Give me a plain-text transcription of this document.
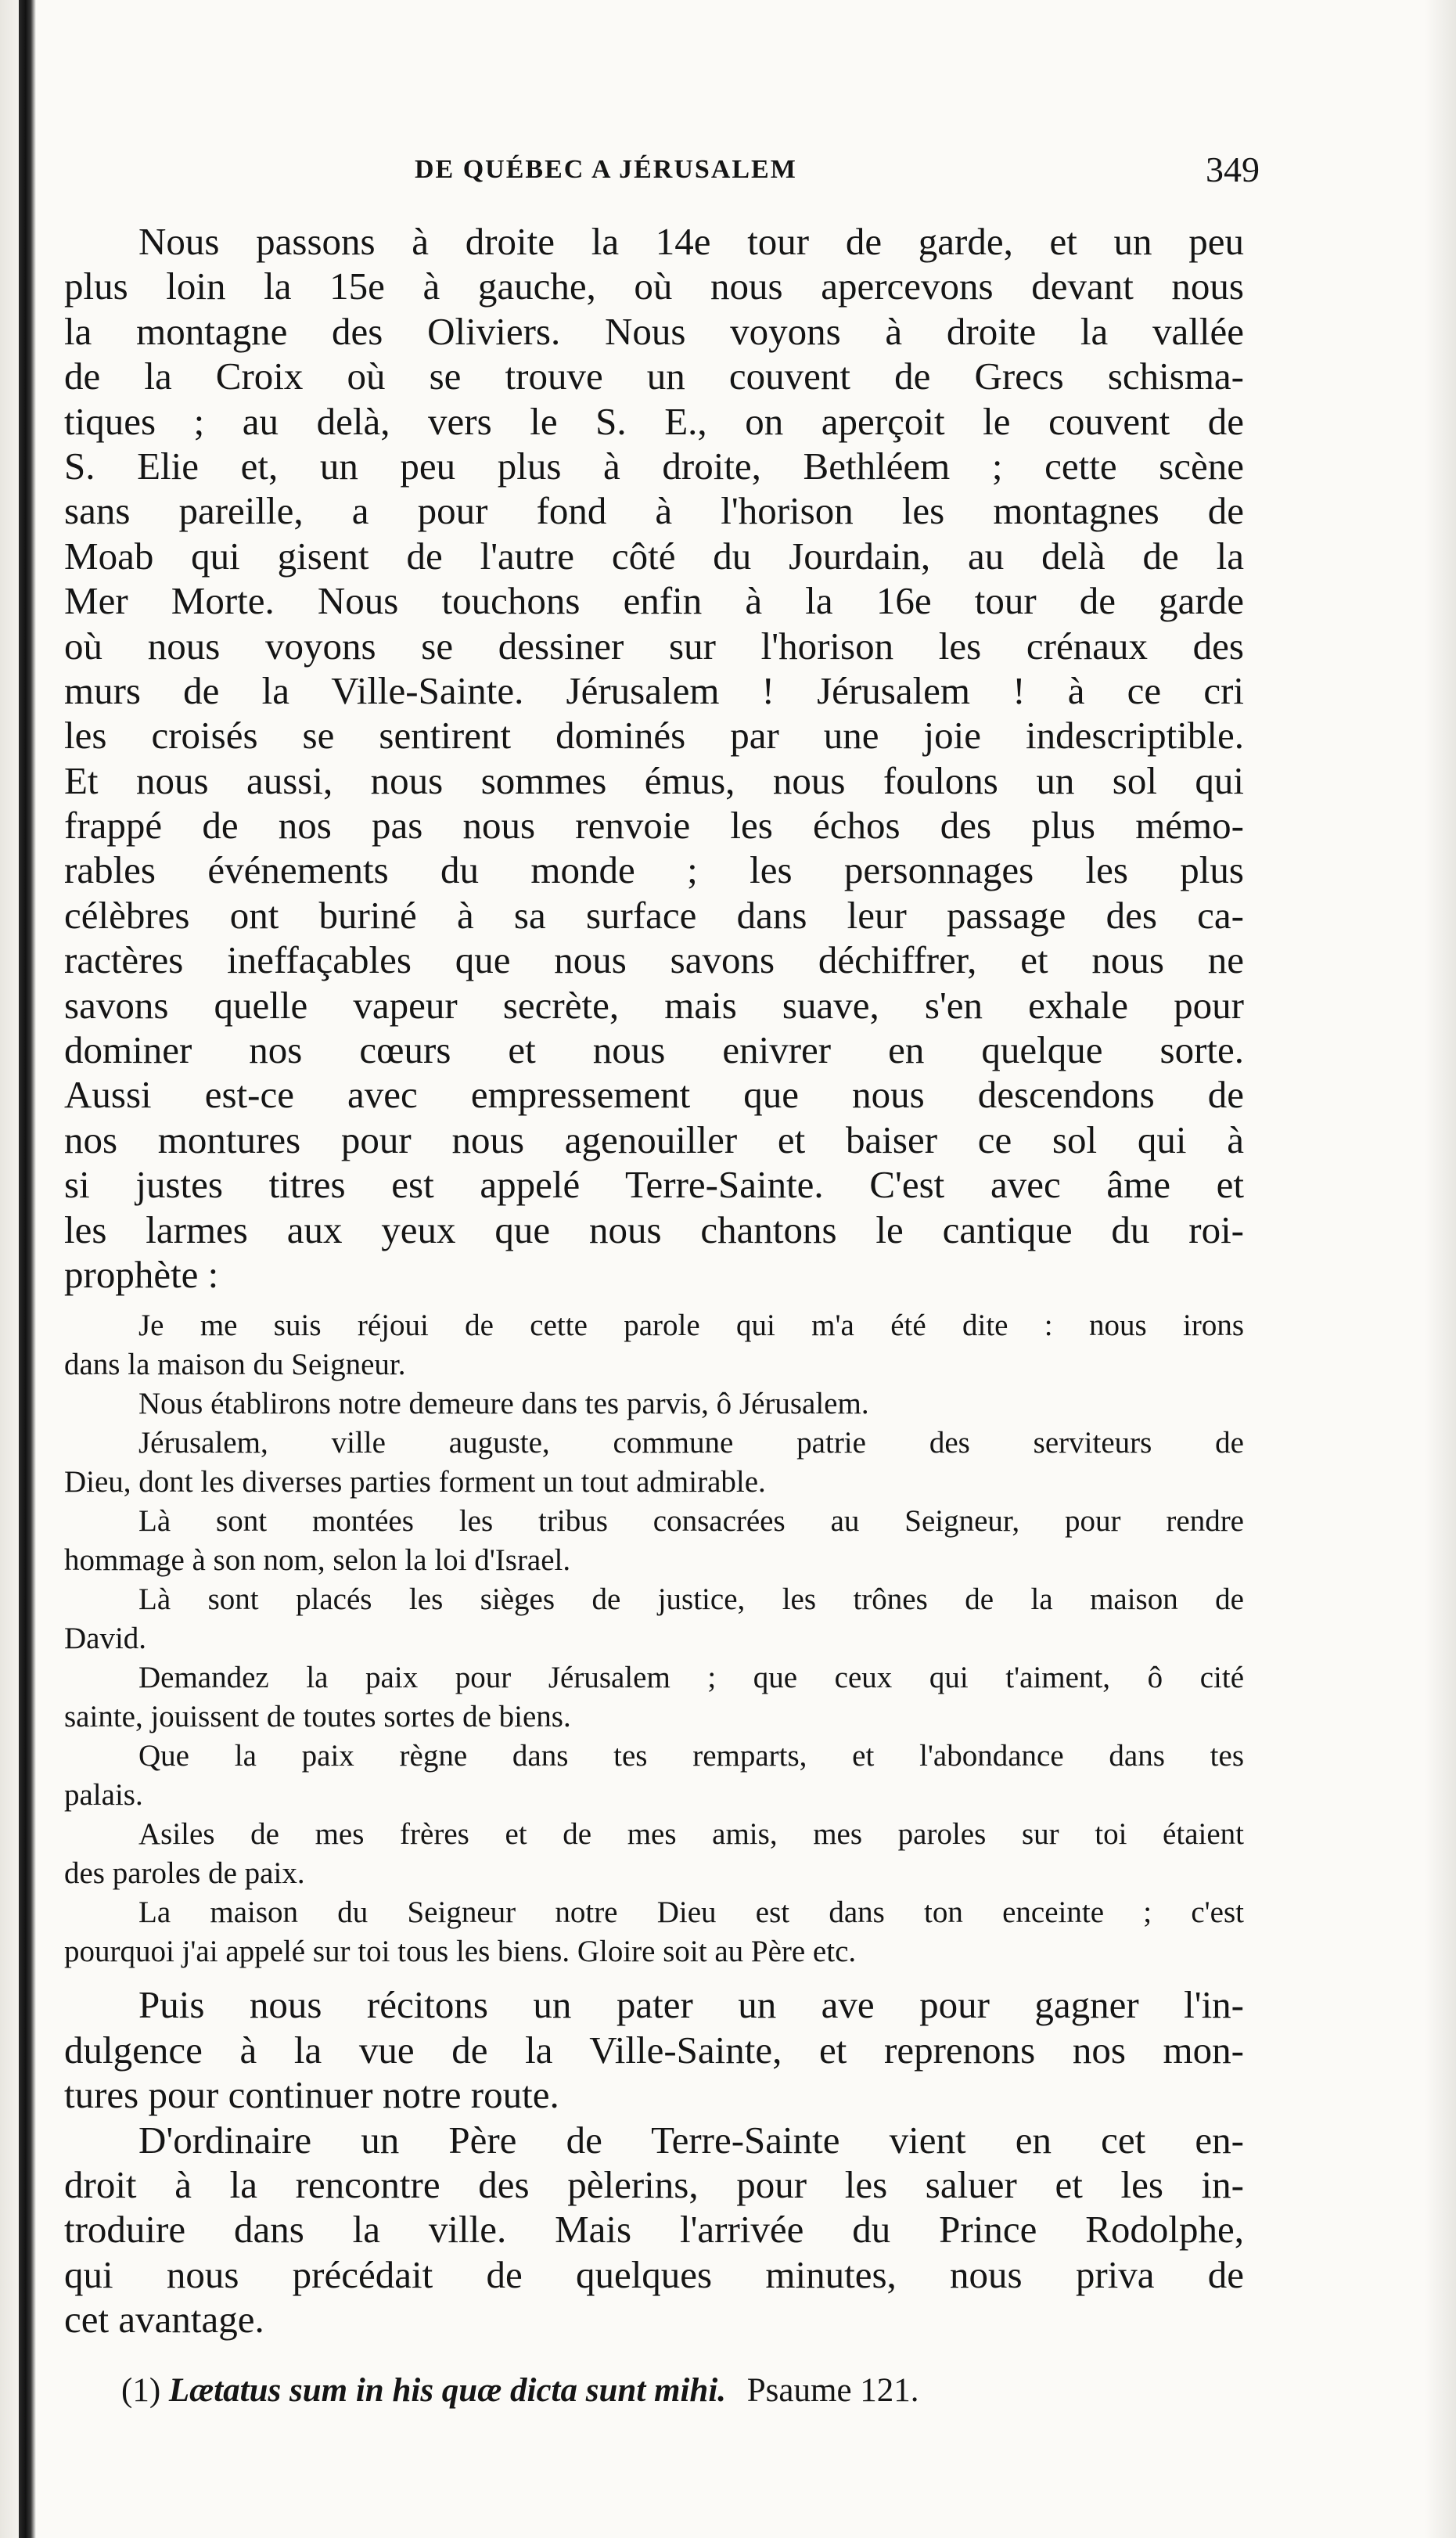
DE QUÉBEC A JÉRUSALEM	349
Nous passons à droite la 14e tour de garde, et un peu
plus loin la 15e à gauche, où nous apercevons devant nous
la montagne des Oliviers. Nous voyons à droite la vallée
de la Croix où se trouve un couvent de Grecs schisma-
tiques ; au delà, vers le S. E., on aperçoit le couvent de
S. Elie et, un peu plus à droite, Bethléem ; cette scène
sans pareille, a pour fond à l'horison les montagnes de
Moab qui gisent de l'autre côté du Jourdain, au delà de la
Mer Morte. Nous touchons enfin à la 16e tour de garde
où nous voyons se dessiner sur l'horison les crénaux des
murs de la Ville-Sainte. Jérusalem ! Jérusalem ! à ce cri
les croisés se sentirent dominés par une joie indescriptible.
Et nous aussi, nous sommes émus, nous foulons un sol qui
frappé de nos pas nous renvoie les échos des plus mémo-
rables événements du monde ; les personnages les plus
célèbres ont buriné à sa surface dans leur passage des ca-
ractères ineffaçables que nous savons déchiffrer, et nous ne
savons quelle vapeur secrète, mais suave, s'en exhale pour
dominer nos cœurs et nous enivrer en quelque sorte.
Aussi est-ce avec empressement que nous descendons de
nos montures pour nous agenouiller et baiser ce sol qui à
si justes titres est appelé Terre-Sainte. C'est avec âme et
les larmes aux yeux que nous chantons le cantique du roi-
prophète :
Je me suis réjoui de cette parole qui m'a été dite : nous irons
dans la maison du Seigneur.
Nous établirons notre demeure dans tes parvis, ô Jérusalem.
Jérusalem, ville auguste, commune patrie des serviteurs de
Dieu, dont les diverses parties forment un tout admirable.
Là sont montées les tribus consacrées au Seigneur, pour rendre
hommage à son nom, selon la loi d'Israel.
Là sont placés les sièges de justice, les trônes de la maison de
David.
Demandez la paix pour Jérusalem ; que ceux qui t'aiment, ô cité
sainte, jouissent de toutes sortes de biens.
Que la paix règne dans tes remparts, et l'abondance dans tes
palais.
Asiles de mes frères et de mes amis, mes paroles sur toi étaient
des paroles de paix.
La maison du Seigneur notre Dieu est dans ton enceinte ; c'est
pourquoi j'ai appelé sur toi tous les biens. Gloire soit au Père etc.
Puis nous récitons un pater un ave pour gagner l'in-
dulgence à la vue de la Ville-Sainte, et reprenons nos mon-
tures pour continuer notre route.
D'ordinaire un Père de Terre-Sainte vient en cet en-
droit à la rencontre des pèlerins, pour les saluer et les in-
troduire dans la ville. Mais l'arrivée du Prince Rodolphe,
qui nous précédait de quelques minutes, nous priva de
cet avantage.
(1) Lætatus sum in his quæ dicta sunt mihi. Psaume 121.
